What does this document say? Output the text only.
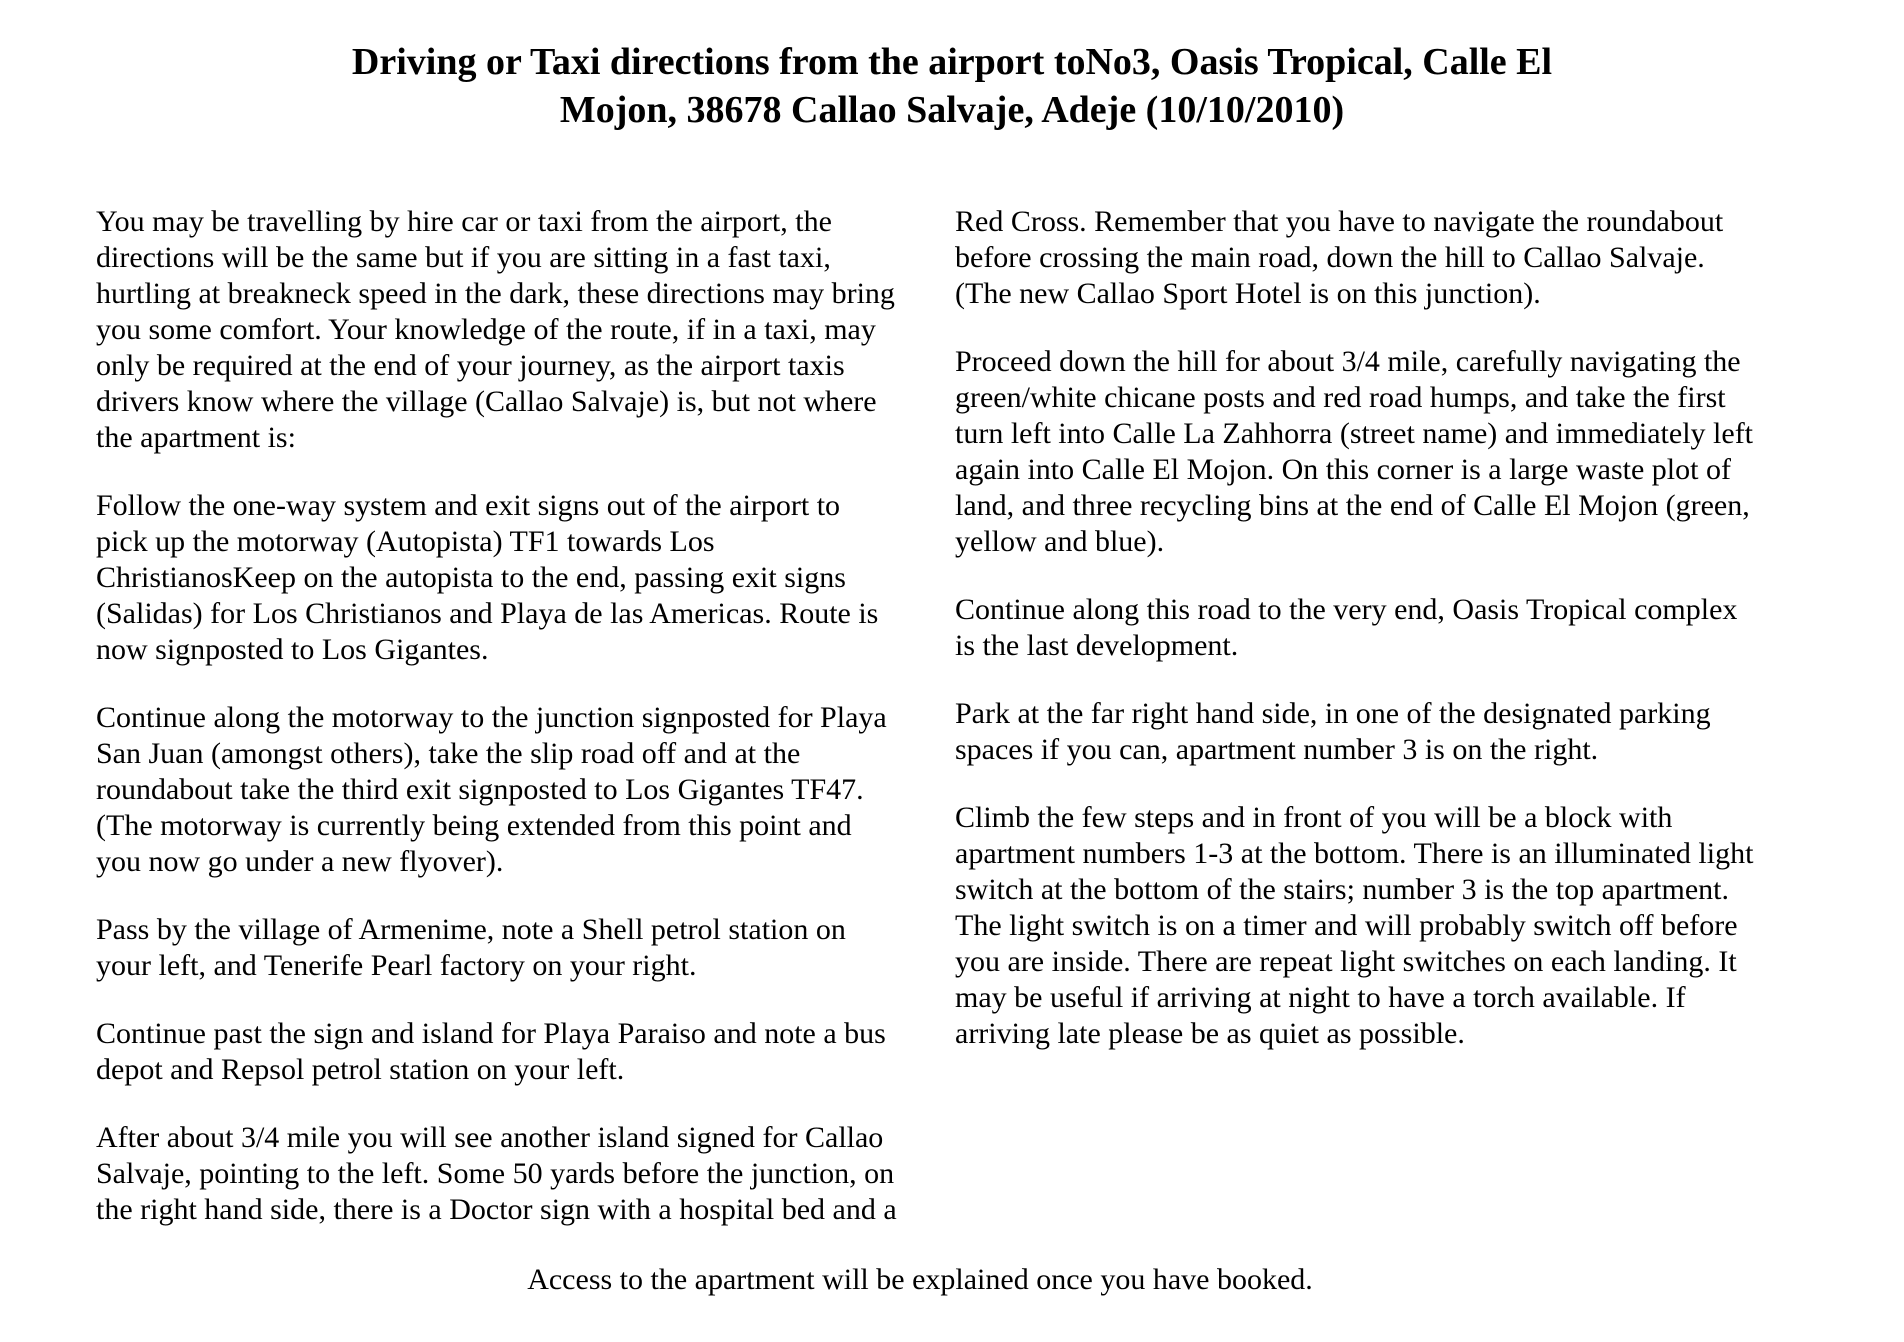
Driving or Taxi directions from the airport toNo3, Oasis Tropical, Calle El
Mojon, 38678 Callao Salvaje, Adeje (10/10/2010)

You may be travelling by hire car or taxi from the airport, the directions will be the same but if you are sitting in a fast taxi, hurtling at breakneck speed in the dark, these directions may bring you some comfort. Your knowledge of the route, if in a taxi, may only be required at the end of your journey, as the airport taxis drivers know where the village (Callao Salvaje) is, but not where the apartment is:

Follow the one-way system and exit signs out of the airport to pick up the motorway (Autopista) TF1 towards Los ChristianosKeep on the autopista to the end, passing exit signs (Salidas) for Los Christianos and Playa de las Americas. Route is now signposted to Los Gigantes.

Continue along the motorway to the junction signposted for Playa San Juan (amongst others), take the slip road off and at the roundabout take the third exit signposted to Los Gigantes TF47. (The motorway is currently being extended from this point and you now go under a new flyover).

Pass by the village of Armenime, note a Shell petrol station on your left, and Tenerife Pearl factory on your right.

Continue past the sign and island for Playa Paraiso and note a bus depot and Repsol petrol station on your left.

After about 3/4 mile you will see another island signed for Callao Salvaje, pointing to the left. Some 50 yards before the junction, on the right hand side, there is a Doctor sign with a hospital bed and a Red Cross. Remember that you have to navigate the roundabout before crossing the main road, down the hill to Callao Salvaje. (The new Callao Sport Hotel is on this junction).

Proceed down the hill for about 3/4 mile, carefully navigating the green/white chicane posts and red road humps, and take the first turn left into Calle La Zahhorra (street name) and immediately left again into Calle El Mojon. On this corner is a large waste plot of land, and three recycling bins at the end of Calle El Mojon (green, yellow and blue).

Continue along this road to the very end, Oasis Tropical complex is the last development.

Park at the far right hand side, in one of the designated parking spaces if you can, apartment number 3 is on the right.

Climb the few steps and in front of you will be a block with apartment numbers 1-3 at the bottom. There is an illuminated light switch at the bottom of the stairs; number 3 is the top apartment. The light switch is on a timer and will probably switch off before you are inside. There are repeat light switches on each landing. It may be useful if arriving at night to have a torch available. If arriving late please be as quiet as possible.

Access to the apartment will be explained once you have booked.
